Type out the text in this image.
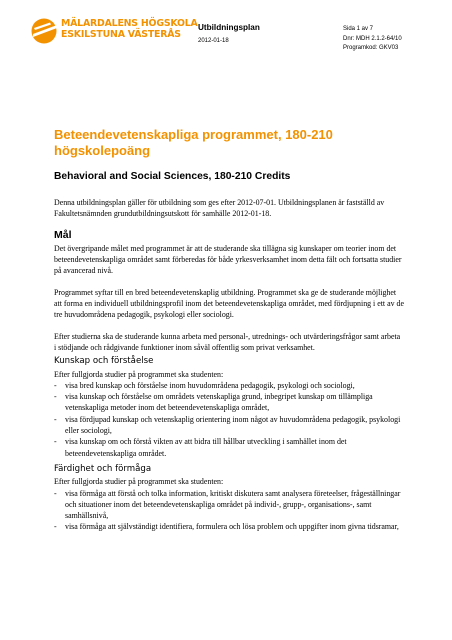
MÄLARDALENS HÖGSKOLA
ESKILSTUNA VÄSTERÅS
Utbildningsplan
2012-01-18
Sida 1 av 7
Dnr: MDH 2.1.2-64/10
Programkod: GKV03
Beteendevetenskapliga programmet, 180-210 högskolepoäng
Behavioral and Social Sciences, 180-210 Credits

Denna utbildningsplan gäller för utbildning som ges efter 2012-07-01. Utbildningsplanen är fastställd av Fakultetsnämnden grundutbildningsutskott för samhälle 2012-01-18.

Mål

Det övergripande målet med programmet är att de studerande ska tillägna sig kunskaper om teorier inom det beteendevetenskapliga området samt förberedas för både yrkesverksamhet inom detta fält och fortsatta studier på avancerad nivå.

Programmet syftar till en bred beteendevetenskaplig utbildning. Programmet ska ge de studerande möjlighet att forma en individuell utbildningsprofil inom det beteendevetenskapliga området, med fördjupning i ett av de tre huvudområdena pedagogik, psykologi eller sociologi.

Efter studierna ska de studerande kunna arbeta med personal-, utrednings- och utvärderingsfrågor samt arbeta i stödjande och rådgivande funktioner inom såväl offentlig som privat verksamhet.

Kunskap och förståelse
Efter fullgjorda studier på programmet ska studenten:
- visa bred kunskap och förståelse inom huvudområdena pedagogik, psykologi och sociologi,
- visa kunskap och förståelse om områdets vetenskapliga grund, inbegripet kunskap om tillämpliga vetenskapliga metoder inom det beteendevetenskapliga området,
- visa fördjupad kunskap och vetenskaplig orientering inom något av huvudområdena pedagogik, psykologi eller sociologi,
- visa kunskap om och förstå vikten av att bidra till hållbar utveckling i samhället inom det beteendevetenskapliga området.
Färdighet och förmåga
Efter fullgjorda studier på programmet ska studenten:
- visa förmåga att förstå och tolka information, kritiskt diskutera samt analysera företeelser, frågeställningar och situationer inom det beteendevetenskapliga området på individ-, grupp-, organisations-, samt samhällsnivå,
- visa förmåga att självständigt identifiera, formulera och lösa problem och uppgifter inom givna tidsramar,
